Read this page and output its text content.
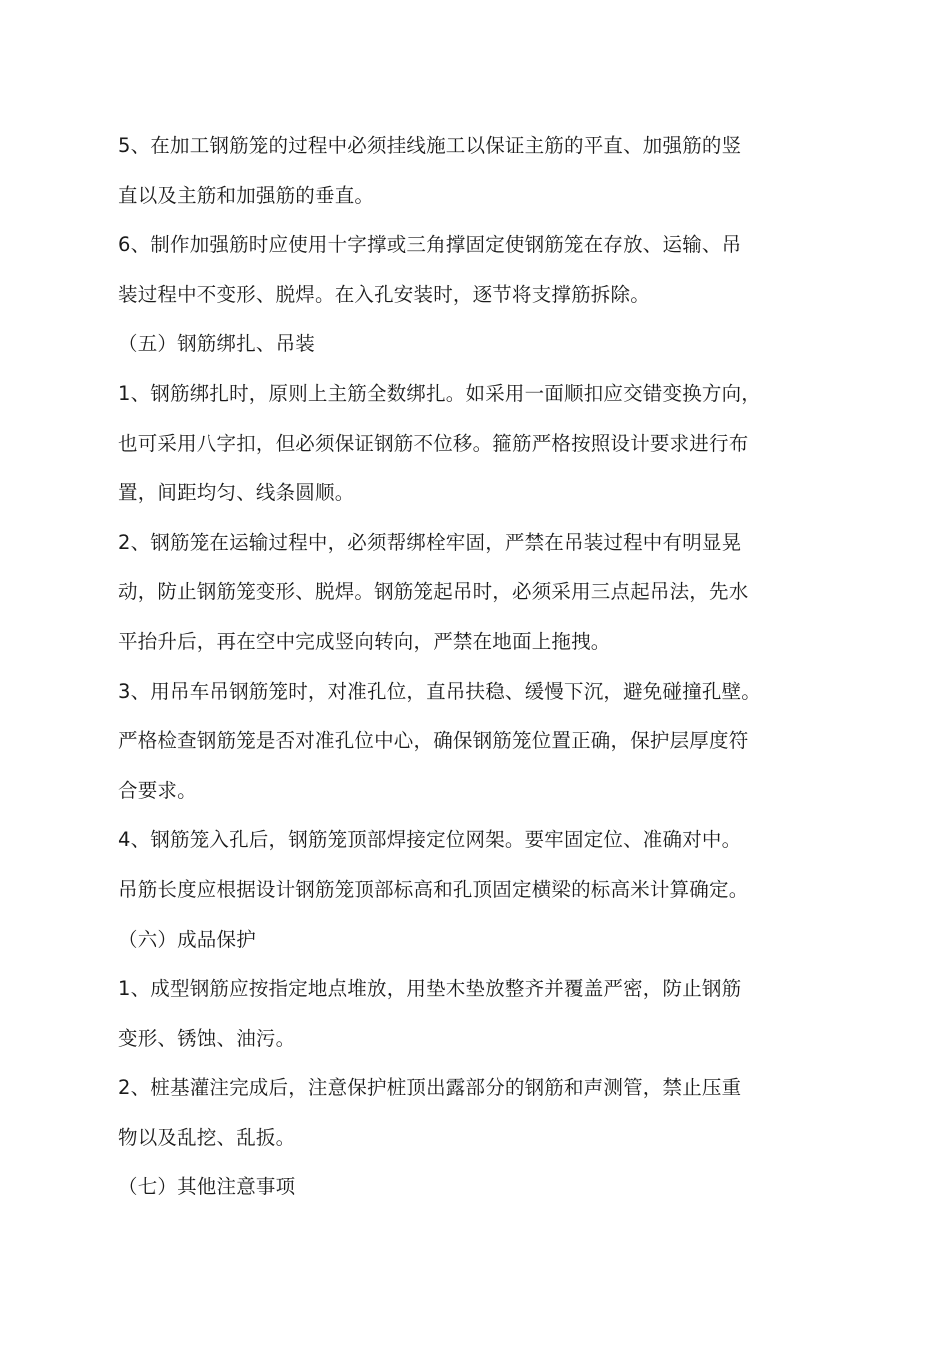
5、在加工钢筋笼的过程中必须挂线施工以保证主筋的平直、加强筋的竖
直以及主筋和加强筋的垂直。

6、制作加强筋时应使用十字撑或三角撑固定使钢筋笼在存放、运输、吊
装过程中不变形、脱焊。在入孔安装时，逐节将支撑筋拆除。

（五）钢筋绑扎、吊装

1、钢筋绑扎时，原则上主筋全数绑扎。如采用一面顺扣应交错变换方向，
也可采用八字扣，但必须保证钢筋不位移。箍筋严格按照设计要求进行布
置，间距均匀、线条圆顺。

2、钢筋笼在运输过程中，必须帮绑栓牢固，严禁在吊装过程中有明显晃
动，防止钢筋笼变形、脱焊。钢筋笼起吊时，必须采用三点起吊法，先水
平抬升后，再在空中完成竖向转向，严禁在地面上拖拽。

3、用吊车吊钢筋笼时，对准孔位，直吊扶稳、缓慢下沉，避免碰撞孔壁。
严格检查钢筋笼是否对准孔位中心，确保钢筋笼位置正确，保护层厚度符
合要求。

4、钢筋笼入孔后，钢筋笼顶部焊接定位网架。要牢固定位、准确对中。
吊筋长度应根据设计钢筋笼顶部标高和孔顶固定横梁的标高米计算确定。

（六）成品保护

1、成型钢筋应按指定地点堆放，用垫木垫放整齐并覆盖严密，防止钢筋
变形、锈蚀、油污。

2、桩基灌注完成后，注意保护桩顶出露部分的钢筋和声测管，禁止压重
物以及乱挖、乱扳。

（七）其他注意事项
